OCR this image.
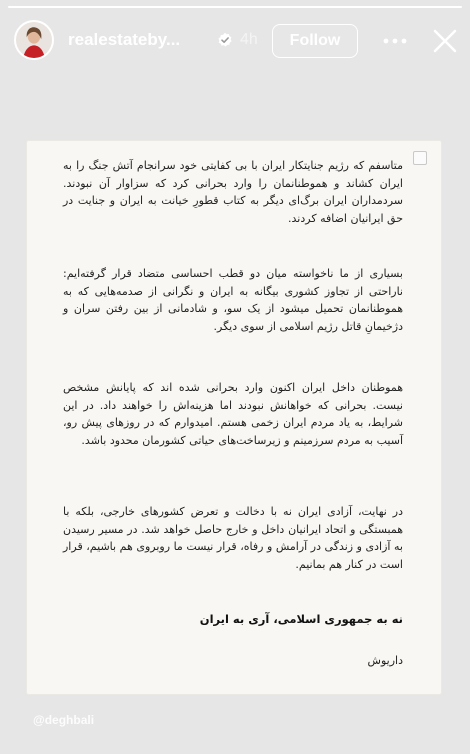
realestateby...	4h	Follow
متاسفم که رژیم جنایتکار ایران با بی کفایتی خود سرانجام آتش جنگ را به ایران کشاند و هموطنانمان را وارد بحرانی کرد که سزاوار آن نبودند. سردمداران ایران برگ‌ای دیگر به کتاب قطورِ خیانت به ایران و جنایت در حق ایرانیان اضافه کردند.
بسیاری از ما ناخواسته میان دو قطب احساسی متضاد قرار گرفته‌ایم: ناراحتی از تجاوز کشوری بیگانه به ایران و نگرانی از صدمه‌هایی که به هموطنانمان تحمیل میشود از یک سو، و شادمانی از بین رفتن سران و دژخیمانِ قاتل رژیم اسلامی از سوی دیگر.
هموطنان داخل ایران اکنون وارد بحرانی شده اند که پایانش مشخص نیست. بحرانی که خواهانش نبودند اما هزینه‌اش را خواهند داد. در این شرایط، به یاد مردم ایران زخمی هستم. امیدوارم که در روزهای پیش رو، آسیب به مردم سرزمینم و زیرساخت‌های حیاتی کشورمان محدود باشد.
در نهایت، آزادی ایران نه با دخالت و تعرض کشورهای خارجی، بلکه با همبستگی و اتحاد ایرانیان داخل و خارج حاصل خواهد شد. در مسیر رسیدن به آزادی و زندگی در آرامش و رفاه، قرار نیست ما روبروی هم باشیم، قرار است در کنار هم بمانیم.
نه به جمهوری اسلامی، آری به ایران
داریوش
@deghbali
